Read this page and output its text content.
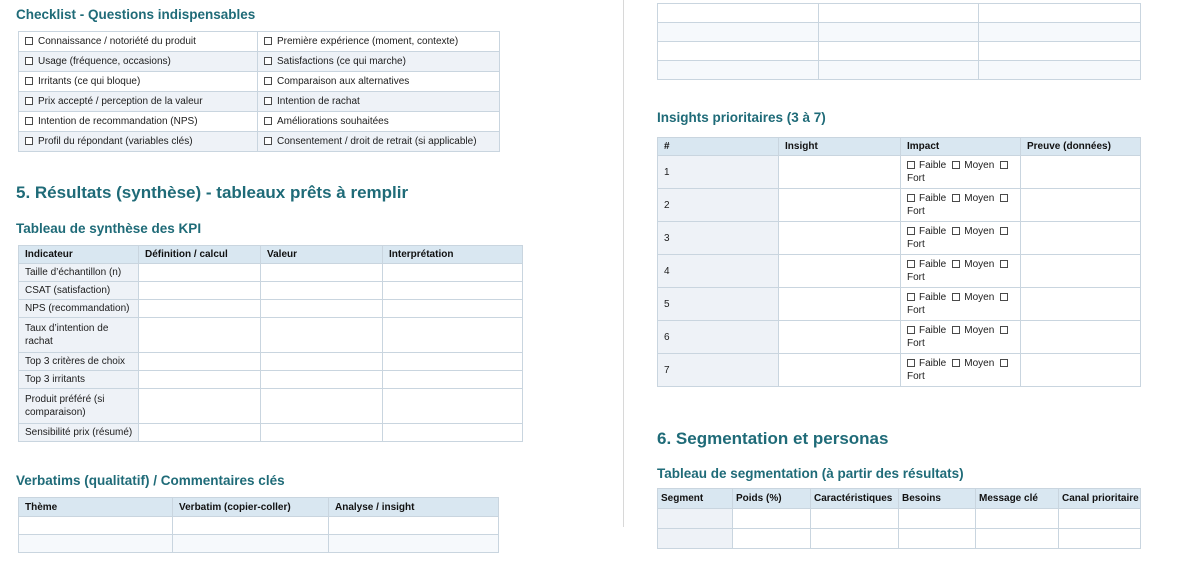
Checklist - Questions indispensables
Connaissance / notoriété du produit	Première expérience (moment, contexte)
Usage (fréquence, occasions)	Satisfactions (ce qui marche)
Irritants (ce qui bloque)	Comparaison aux alternatives
Prix accepté / perception de la valeur	Intention de rachat
Intention de recommandation (NPS)	Améliorations souhaitées
Profil du répondant (variables clés)	Consentement / droit de retrait (si applicable)
5. Résultats (synthèse) - tableaux prêts à remplir
Tableau de synthèse des KPI
Indicateur	Définition / calcul	Valeur	Interprétation
Taille d’échantillon (n)			
CSAT (satisfaction)			
NPS (recommandation)			
Taux d’intention de rachat			
Top 3 critères de choix			
Top 3 irritants			
Produit préféré (si comparaison)			
Sensibilité prix (résumé)			
Verbatims (qualitatif) / Commentaires clés
Thème	Verbatim (copier-coller)	Analyse / insight

Insights prioritaires (3 à 7)
#	Insight	Impact	Preuve (données)
1		Faible Moyen
Fort	

2		Faible Moyen
Fort	

3		Faible Moyen
Fort	

4		Faible Moyen
Fort	

5		Faible Moyen
Fort	

6		Faible Moyen
Fort	

7		Faible Moyen
Fort	

6. Segmentation et personas
Tableau de segmentation (à partir des résultats)
Segment	Poids (%)	Caractéristiques	Besoins	Message clé	Canal prioritaire
